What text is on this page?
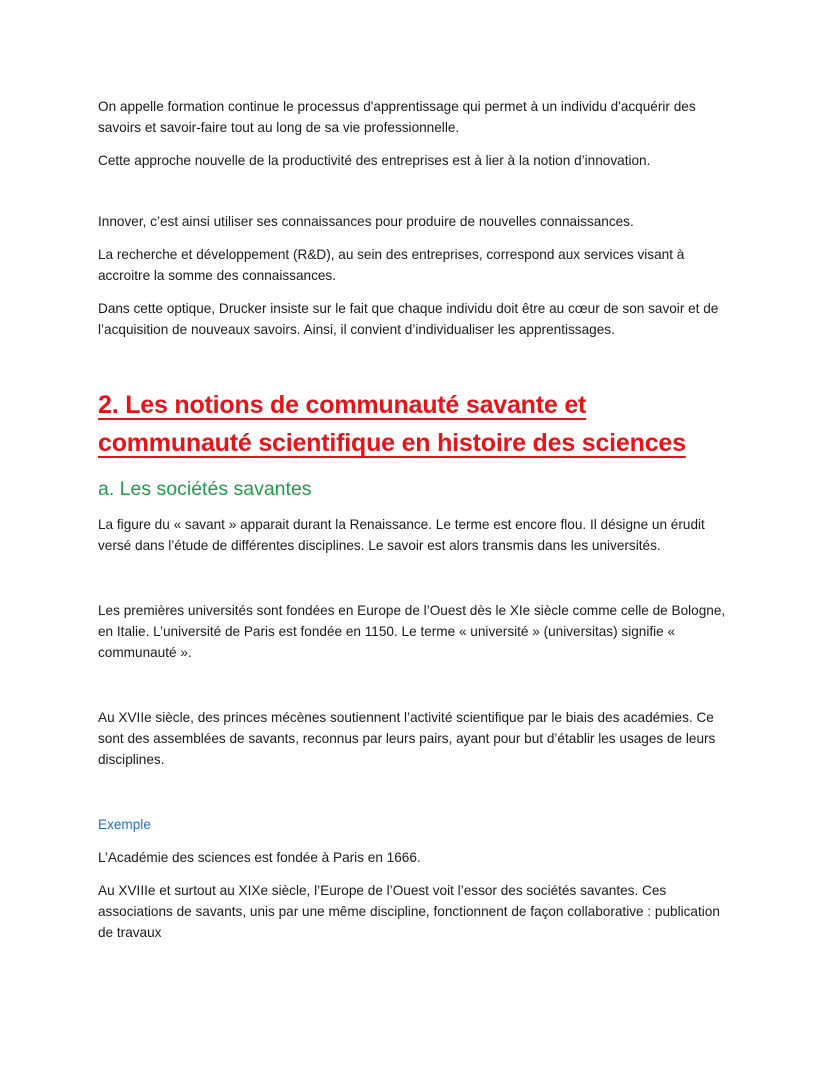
On appelle formation continue le processus d'apprentissage qui permet à un individu d'acquérir des savoirs et savoir-faire tout au long de sa vie professionnelle.

Cette approche nouvelle de la productivité des entreprises est à lier à la notion d’innovation.

Innover, c’est ainsi utiliser ses connaissances pour produire de nouvelles connaissances.

La recherche et développement (R&D), au sein des entreprises, correspond aux services visant à accroitre la somme des connaissances.

Dans cette optique, Drucker insiste sur le fait que chaque individu doit être au cœur de son savoir et de l’acquisition de nouveaux savoirs. Ainsi, il convient d’individualiser les apprentissages.

2. Les notions de communauté savante et communauté scientifique en histoire des sciences
a. Les sociétés savantes

La figure du « savant » apparait durant la Renaissance. Le terme est encore flou. Il désigne un érudit versé dans l’étude de différentes disciplines. Le savoir est alors transmis dans les universités.

Les premières universités sont fondées en Europe de l’Ouest dès le XIe siècle comme celle de Bologne, en Italie. L’université de Paris est fondée en 1150. Le terme « université » (universitas) signifie « communauté ».

Au XVIIe siècle, des princes mécènes soutiennent l’activité scientifique par le biais des académies. Ce sont des assemblées de savants, reconnus par leurs pairs, ayant pour but d’établir les usages de leurs disciplines.

Exemple

L’Académie des sciences est fondée à Paris en 1666.

Au XVIIIe et surtout au XIXe siècle, l’Europe de l’Ouest voit l’essor des sociétés savantes. Ces associations de savants, unis par une même discipline, fonctionnent de façon collaborative : publication de travaux
